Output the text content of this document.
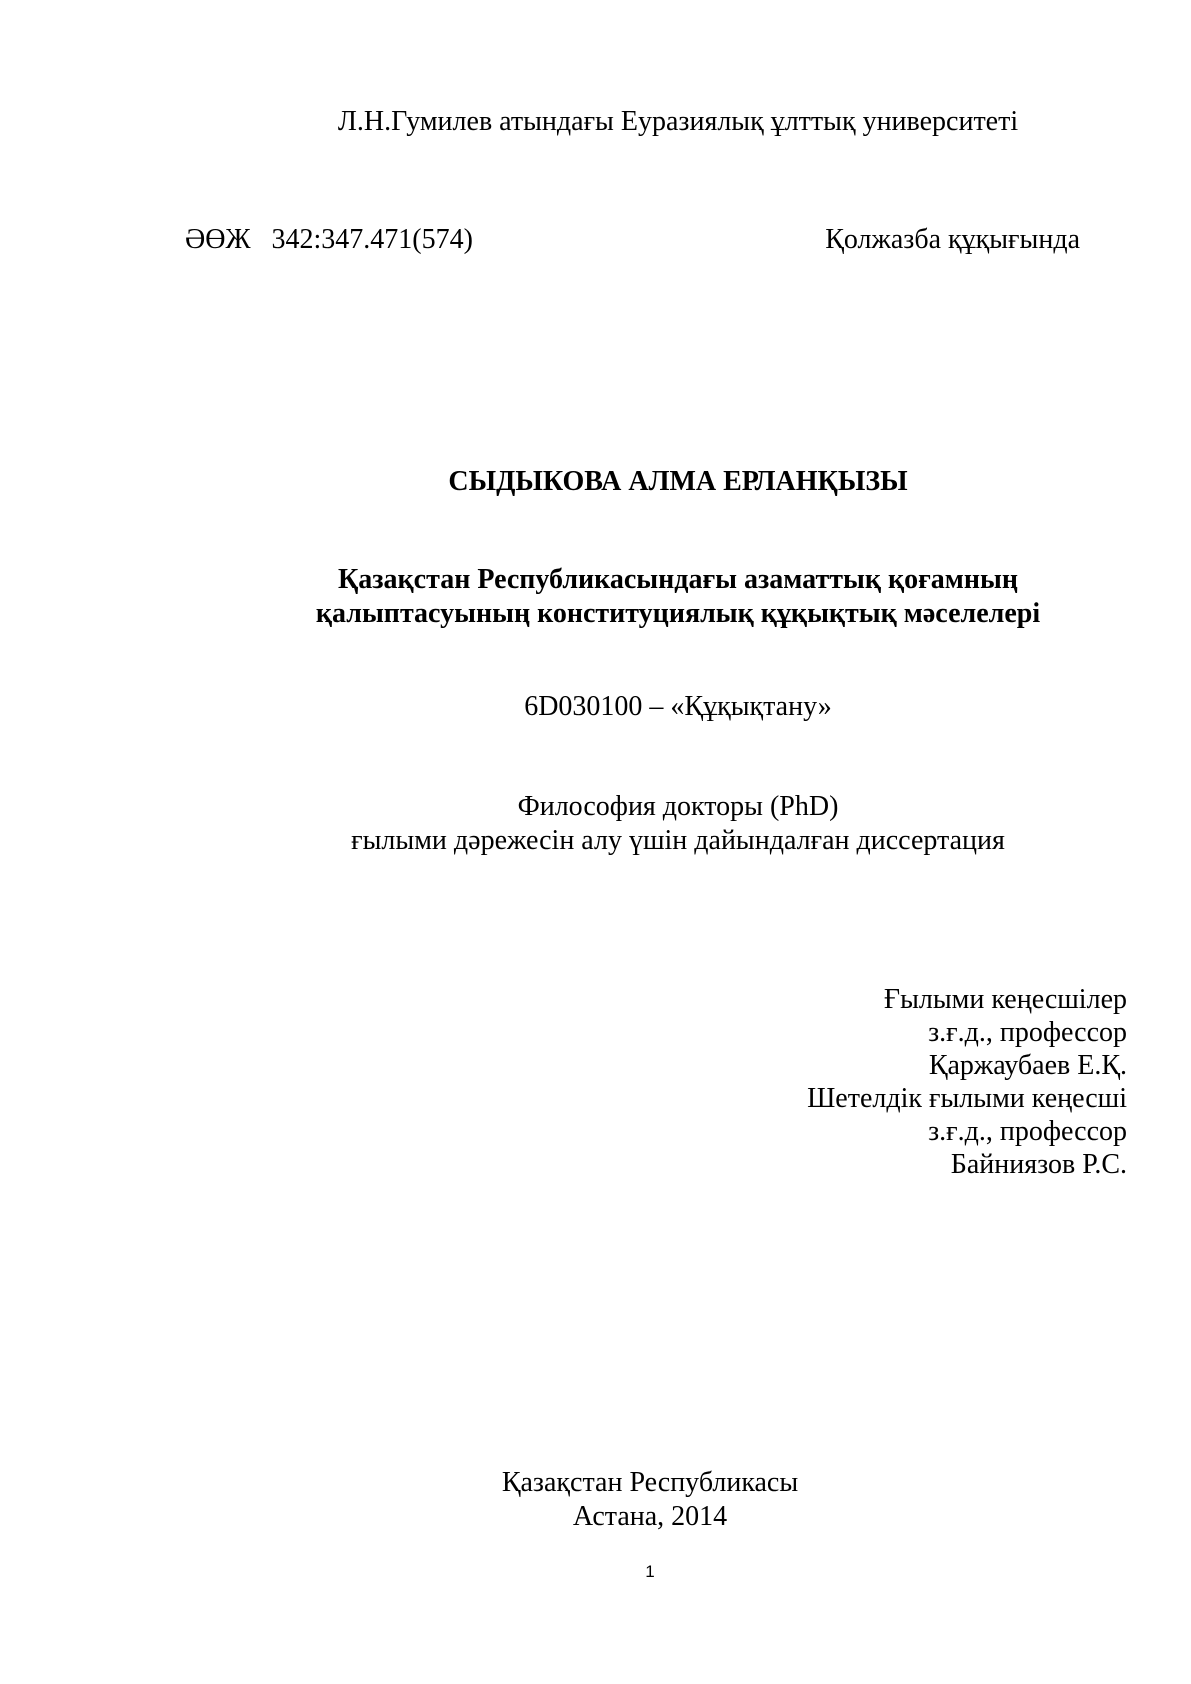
Л.Н.Гумилев атындағы Еуразиялық ұлттық университеті
ӘӨЖ   342:347.471(574)	Қолжазба құқығында
СЫДЫКОВА АЛМА ЕРЛАНҚЫЗЫ
Қазақстан Республикасындағы азаматтық қоғамның
қалыптасуының конституциялық құқықтық мәселелері
6D030100 – «Құқықтану»
Философия докторы (PhD)
ғылыми дәрежесін алу үшін дайындалған диссертация
Ғылыми кеңесшілер
з.ғ.д., профессор
Қаржаубаев Е.Қ.
Шетелдік ғылыми кеңесші
з.ғ.д., профессор
Байниязов Р.С.
Қазақстан Республикасы
Астана, 2014
1
